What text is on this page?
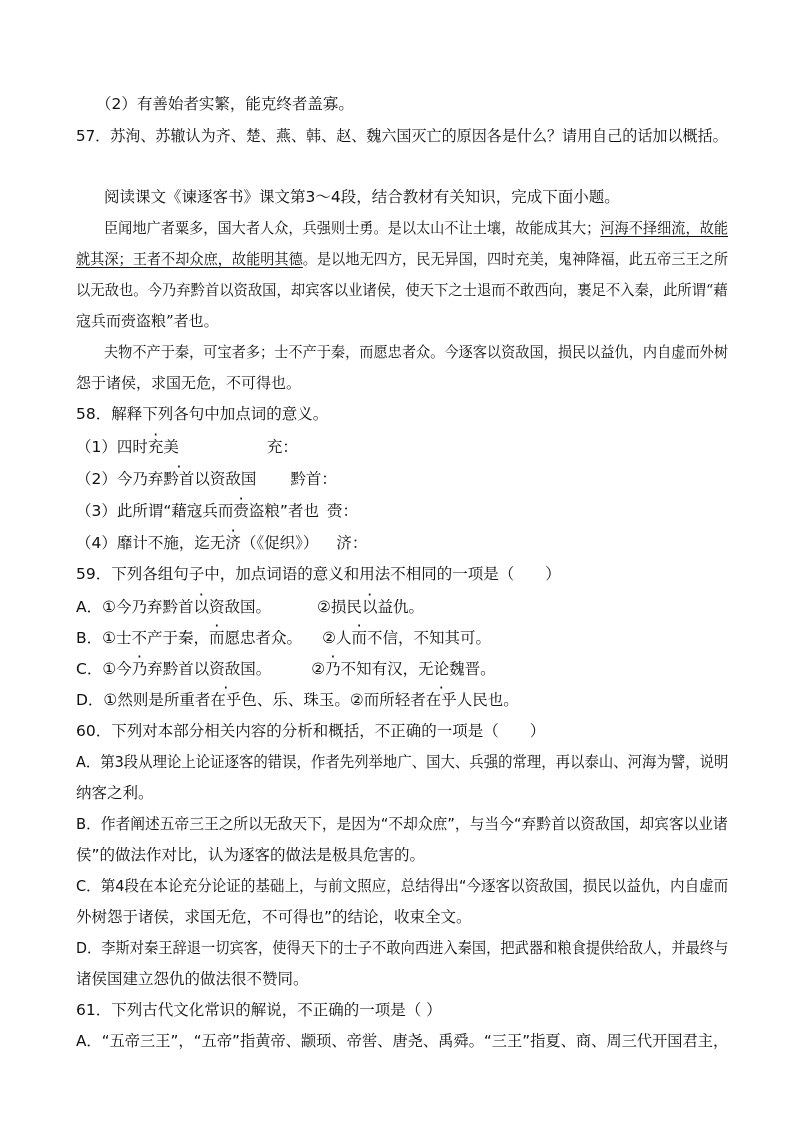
（2）有善始者实繁，能克终者盖寡。
57．苏洵、苏辙认为齐、楚、燕、韩、赵、魏六国灭亡的原因各是什么？请用自己的话加以概括。
阅读课文《谏逐客书》课文第3～4段，结合教材有关知识，完成下面小题。
臣闻地广者粟多，国大者人众，兵强则士勇。是以太山不让土壤，故能成其大；河海不择细流，故能
就其深；王者不却众庶，故能明其德。是以地无四方，民无异国，四时充美，鬼神降福，此五帝三王之所
以无敌也。今乃弃黔首以资敌国，却宾客以业诸侯，使天下之士退而不敢西向，裹足不入秦，此所谓“藉
寇兵而赍盗粮”者也。
夫物不产于秦，可宝者多；士不产于秦，而愿忠者众。今逐客以资敌国，损民以益仇，内自虚而外树
怨于诸侯，求国无危，不可得也。
58．解释下列各句中加点词的意义。
（1）四时充美	充：
（2）今乃弃黔首以资敌国 黔首：
（3）此所谓“藉寇兵而赍盗粮”者也 赍：
（4）靡计不施，迄无济（《促织》） 济：
59．下列各组句子中，加点词语的意义和用法不相同的一项是（　　）
A．①今乃弃黔首以资敌国。	②损民以益仇。
B．①士不产于秦，而愿忠者众。 ②人而不信，不知其可。
C．①今乃弃黔首以资敌国。	②乃不知有汉，无论魏晋。
D．①然则是所重者在乎色、乐、珠玉。②而所轻者在乎人民也。
60．下列对本部分相关内容的分析和概括，不正确的一项是（　　）
A．第3段从理论上论证逐客的错误，作者先列举地广、国大、兵强的常理，再以泰山、河海为譬，说明
纳客之利。
B．作者阐述五帝三王之所以无敌天下，是因为“不却众庶”，与当今“弃黔首以资敌国，却宾客以业诸
侯”的做法作对比，认为逐客的做法是极具危害的。
C．第4段在本论充分论证的基础上，与前文照应，总结得出“今逐客以资敌国，损民以益仇，内自虚而
外树怨于诸侯，求国无危，不可得也”的结论，收束全文。
D．李斯对秦王辞退一切宾客，使得天下的士子不敢向西进入秦国，把武器和粮食提供给敌人，并最终与
诸侯国建立怨仇的做法很不赞同。
61．下列古代文化常识的解说，不正确的一项是（ ）
A．“五帝三王”，“五帝”指黄帝、颛顼、帝喾、唐尧、禹舜。“三王”指夏、商、周三代开国君主，
